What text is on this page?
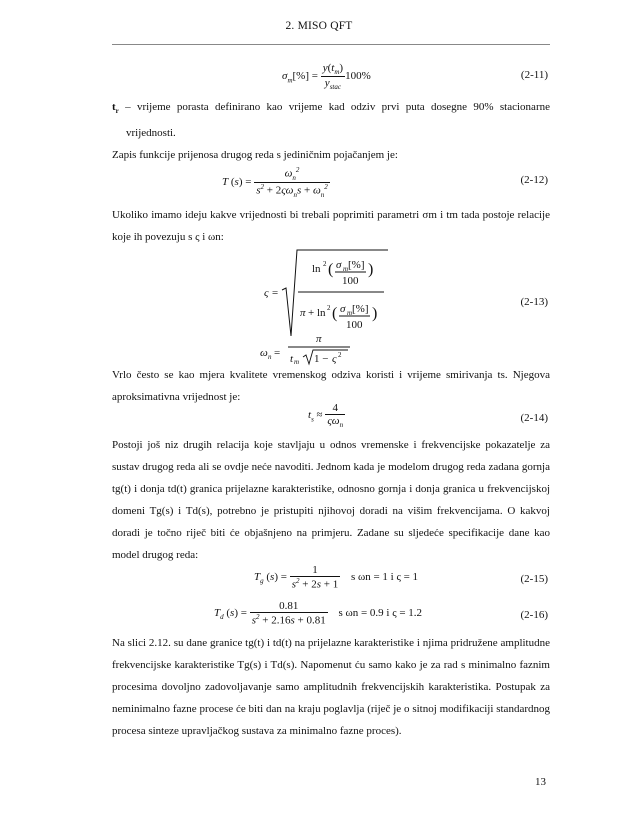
2. MISO QFT
$\sigma_m[\%] = \frac{y(t_m)}{y_{stac}} 100\%$	(2-11)

$t_r$ – vrijeme porasta definirano kao vrijeme kad odziv prvi puta dosegne 90% stacionarne vrijednosti.

Zapis funkcije prijenosa drugog reda s jediničnim pojačanjem je:

T $(s) = \frac{\omega_n^2}{s^2 + 2\varsigma\omega_ns + \omega_n^2}$	(2-12)

Ukoliko imamo ideju kakve vrijednosti bi trebali poprimiti parametri σm i tm tada postoje relacije koje ih povezuju s ς i ωn:

ς =
ln 2 ( σ m [%]
100
)
π + ln 2 ( σ m [%]
100
)
ω n =
π
t m 1 − ς 2
(2-13)

Vrlo često se kao mjera kvalitete vremenskog odziva koristi i vrijeme smirivanja ts. Njegova aproksimativna vrijednost je:

$t_s \approx \frac{4}{\varsigma\omega_n}$	(2-14)

Postoji još niz drugih relacija koje stavljaju u odnos vremenske i frekvencijske pokazatelje za sustav drugog reda ali se ovdje neće navoditi. Jednom kada je modelom drugog reda zadana gornja tg(t) i donja td(t) granica prijelazne karakteristike, odnosno gornja i donja granica u frekvencijskoj domeni Tg(s) i Td(s), potrebno je pristupiti njihovoj doradi na višim frekvencijama. O kakvoj doradi je točno riječ biti će objašnjeno na primjeru. Zadane su sljedeće specifikacije dane kao model drugog reda:

$T_g$ $(s) = \frac{1}{s^2 + 2s + 1}$ s ωn = 1 i ς = 1	(2-15)
$T_d$ $(s) = \frac{0.81}{s^2 + 2.16s + 0.81}$ s ωn = 0.9 i ς = 1.2	(2-16)

Na slici 2.12. su dane granice tg(t) i td(t) na prijelazne karakteristike i njima pridružene amplitudne frekvencijske karakteristike Tg(s) i Td(s). Napomenut ću samo kako je za rad s minimalno faznim procesima dovoljno zadovoljavanje samo amplitudnih frekvencijskih karakteristika. Postupak za neminimalno fazne procese će biti dan na kraju poglavlja (riječ je o sitnoj modifikaciji standardnog procesa sinteze upravljačkog sustava za minimalno fazne proces).

13
